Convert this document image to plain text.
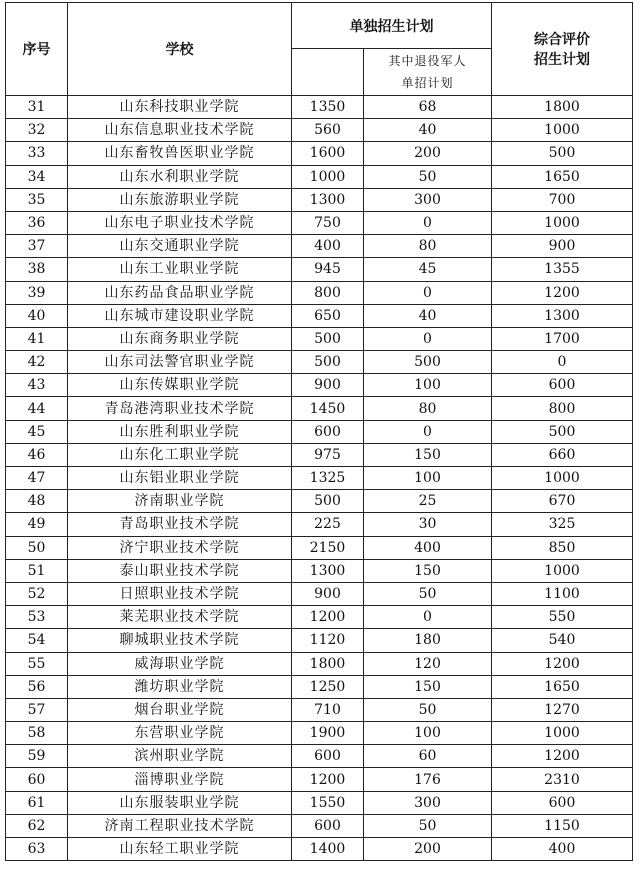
序号	学校	单独招生计划		综合评价
招生计划

			其中退役军人
单招计划	

31	山东科技职业学院	1350	68	1800
32	山东信息职业技术学院	560	40	1000
33	山东畜牧兽医职业学院	1600	200	500
34	山东水利职业学院	1000	50	1650
35	山东旅游职业学院	1300	300	700
36	山东电子职业技术学院	750	0	1000
37	山东交通职业学院	400	80	900
38	山东工业职业学院	945	45	1355
39	山东药品食品职业学院	800	0	1200
40	山东城市建设职业学院	650	40	1300
41	山东商务职业学院	500	0	1700
42	山东司法警官职业学院	500	500	0
43	山东传媒职业学院	900	100	600
44	青岛港湾职业技术学院	1450	80	800
45	山东胜利职业学院	600	0	500
46	山东化工职业学院	975	150	660
47	山东铝业职业学院	1325	100	1000
48	济南职业学院	500	25	670
49	青岛职业技术学院	225	30	325
50	济宁职业技术学院	2150	400	850
51	泰山职业技术学院	1300	150	1000
52	日照职业技术学院	900	50	1100
53	莱芜职业技术学院	1200	0	550
54	聊城职业技术学院	1120	180	540
55	威海职业学院	1800	120	1200
56	潍坊职业学院	1250	150	1650
57	烟台职业学院	710	50	1270
58	东营职业学院	1900	100	1000
59	滨州职业学院	600	60	1200
60	淄博职业学院	1200	176	2310
61	山东服装职业学院	1550	300	600
62	济南工程职业技术学院	600	50	1150
63	山东轻工职业学院	1400	200	400
